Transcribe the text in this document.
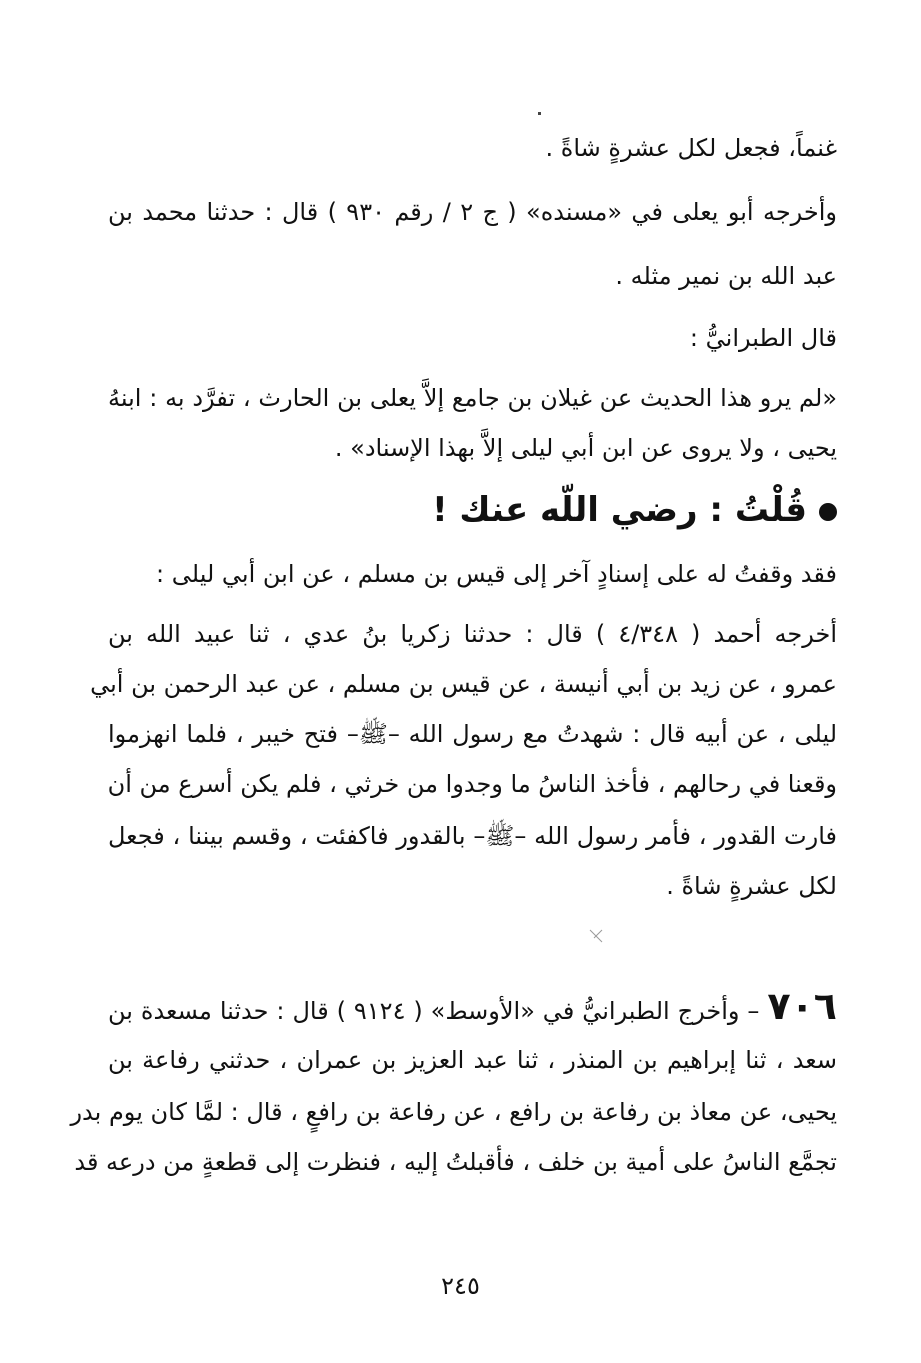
غنماً، فجعل لكل عشرةٍ شاةً .
وأخرجه أبو يعلى في «مسنده» ( ج ٢ / رقم ٩٣٠ ) قال : حدثنا محمد بن
عبد الله بن نمير مثله .
قال الطبرانيُّ :
«لم يرو هذا الحديث عن غيلان بن جامع إلاَّ يعلى بن الحارث ، تفرَّد به : ابنهُ
يحيى ، ولا يروى عن ابن أبي ليلى إلاَّ بهذا الإسناد» .
قُلْتُ : رضي اللّه عنك !
فقد وقفتُ له على إسنادٍ آخر إلى قيس بن مسلم ، عن ابن أبي ليلى :
أخرجه أحمد ( ٤/٣٤٨ ) قال : حدثنا زكريا بنُ عدي ، ثنا عبيد الله بن
عمرو ، عن زيد بن أبي أنيسة ، عن قيس بن مسلم ، عن عبد الرحمن بن أبي
ليلى ، عن أبيه قال : شهدتُ مع رسول الله –ﷺ– فتح خيبر ، فلما انهزموا
وقعنا في رحالهم ، فأخذ الناسُ ما وجدوا من خرثي ، فلم يكن أسرع من أن
فارت القدور ، فأمر رسول الله –ﷺ– بالقدور فاكفئت ، وقسم بيننا ، فجعل
لكل عشرةٍ شاةً .
٧٠٦– وأخرج الطبرانيُّ في «الأوسط» ( ٩١٢٤ ) قال : حدثنا مسعدة بن
سعد ، ثنا إبراهيم بن المنذر ، ثنا عبد العزيز بن عمران ، حدثني رفاعة بن
يحيى، عن معاذ بن رفاعة بن رافع ، عن رفاعة بن رافعٍ ، قال : لمَّا كان يوم بدر
تجمَّع الناسُ على أمية بن خلف ، فأقبلتُ إليه ، فنظرت إلى قطعةٍ من درعه قد
٢٤٥
